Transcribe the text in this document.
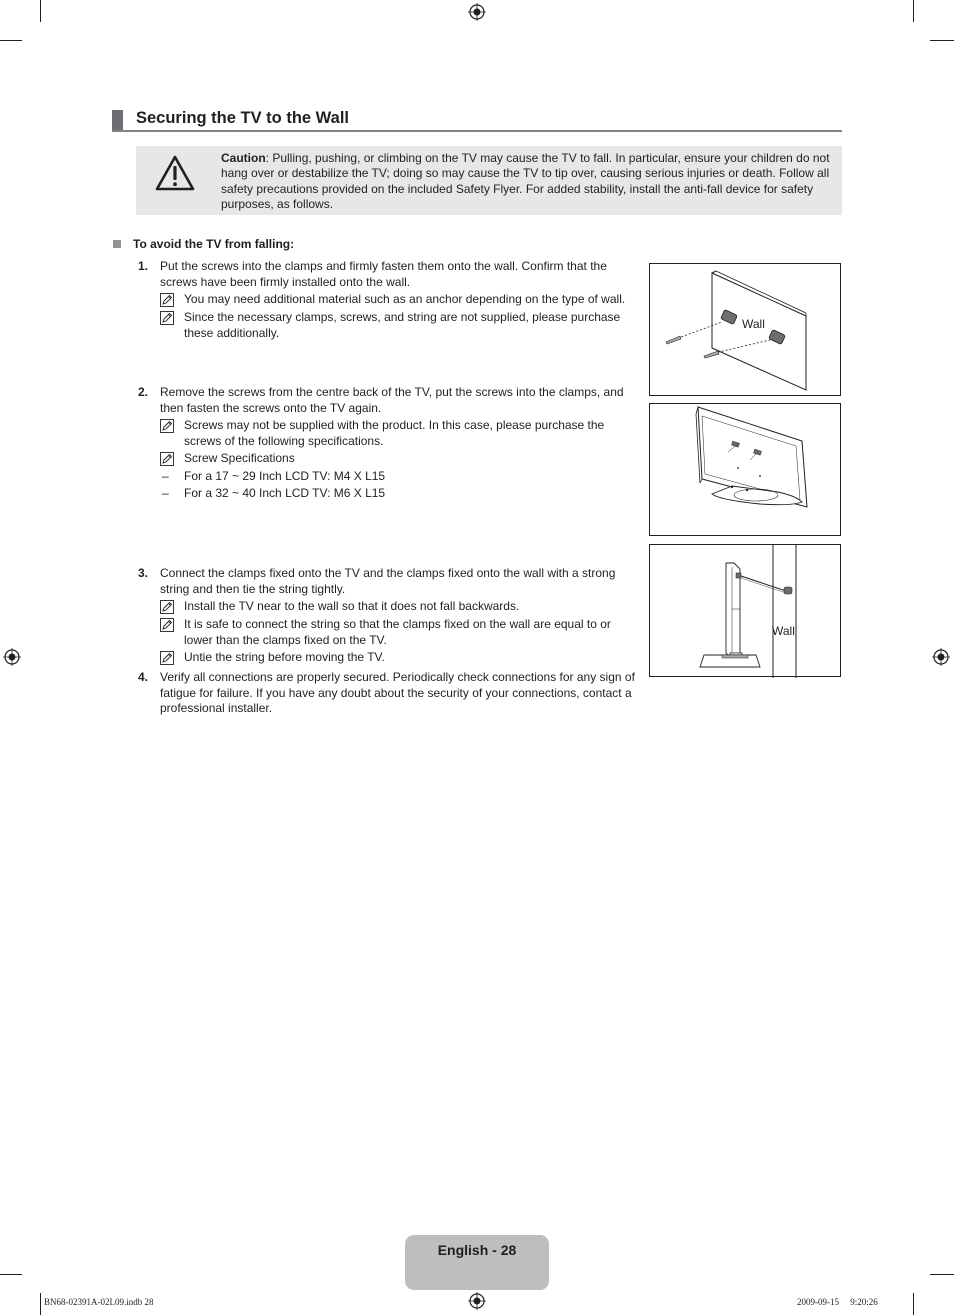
Securing the TV to the Wall
Caution: Pulling, pushing, or climbing on the TV may cause the TV to fall. In particular, ensure your children do not hang over or destabilize the TV; doing so may cause the TV to tip over, causing serious injuries or death. Follow all safety precautions provided on the included Safety Flyer. For added stability, install the anti-fall device for safety purposes, as follows.
To avoid the TV from falling:
1. Put the screws into the clamps and firmly fasten them onto the wall. Confirm that the screws have been firmly installed onto the wall.
You may need additional material such as an anchor depending on the type of wall.
Since the necessary clamps, screws, and string are not supplied, please purchase these additionally.
2. Remove the screws from the centre back of the TV, put the screws into the clamps, and then fasten the screws onto the TV again.
Screws may not be supplied with the product. In this case, please purchase the screws of the following specifications.
Screw Specifications
– For a 17 ~ 29 Inch LCD TV: M4 X L15
– For a 32 ~ 40 Inch LCD TV: M6 X L15
3. Connect the clamps fixed onto the TV and the clamps fixed onto the wall with a strong string and then tie the string tightly.
Install the TV near to the wall so that it does not fall backwards.
It is safe to connect the string so that the clamps fixed on the wall are equal to or lower than the clamps fixed on the TV.
Untie the string before moving the TV.
4. Verify all connections are properly secured. Periodically check connections for any sign of fatigue for failure. If you have any doubt about the security of your connections, contact a professional installer.
Wall
Wall
English - 28
BN68-02391A-02L09.indb 28	2009-09-15     9:20:26
